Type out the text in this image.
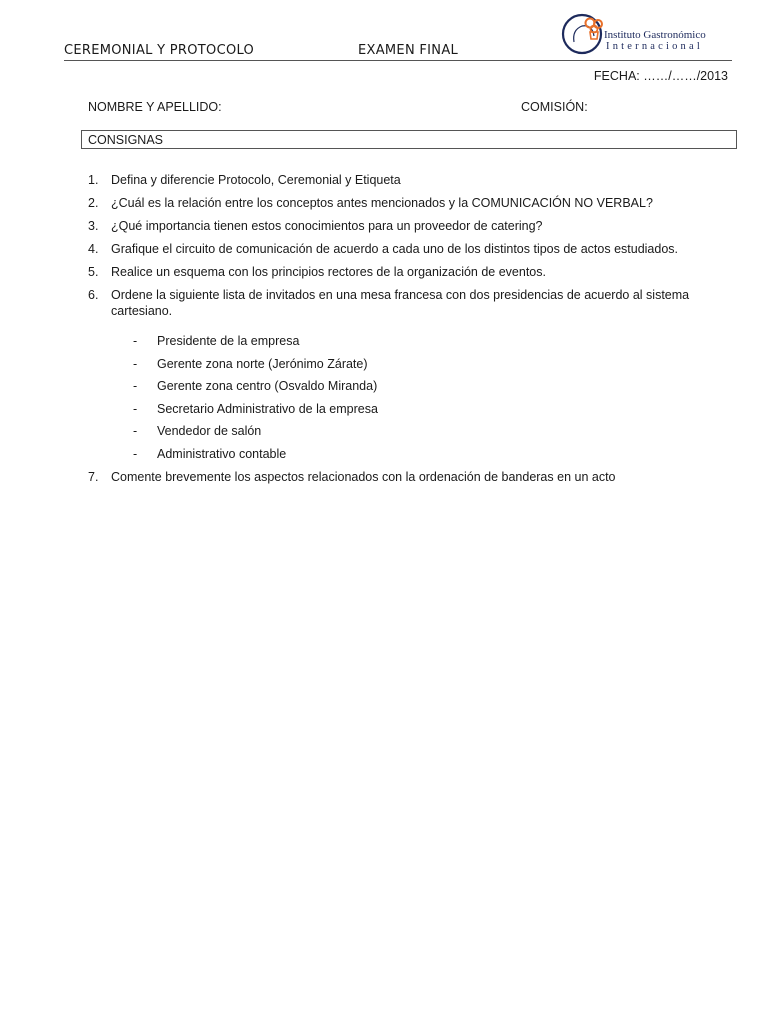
CEREMONIAL Y PROTOCOLO	EXAMEN FINAL
Instituto Gastronómico
Internacional
FECHA: ……/……/2013
NOMBRE Y APELLIDO:	COMISIÓN:
CONSIGNAS
1. Defina y diferencie Protocolo, Ceremonial y Etiqueta
2. ¿Cuál es la relación entre los conceptos antes mencionados y la COMUNICACIÓN NO VERBAL?
3. ¿Qué importancia tienen estos conocimientos para un proveedor de catering?
4. Grafique el circuito de comunicación de acuerdo a cada uno de los distintos tipos de actos estudiados.
5. Realice un esquema con los principios rectores de la organización de eventos.
6. Ordene la siguiente lista de invitados en una mesa francesa con dos presidencias de acuerdo al sistema cartesiano.
- Presidente de la empresa
- Gerente zona norte (Jerónimo Zárate)
- Gerente zona centro (Osvaldo Miranda)
- Secretario Administrativo de la empresa
- Vendedor de salón
- Administrativo contable
7. Comente brevemente los aspectos relacionados con la ordenación de banderas en un acto
